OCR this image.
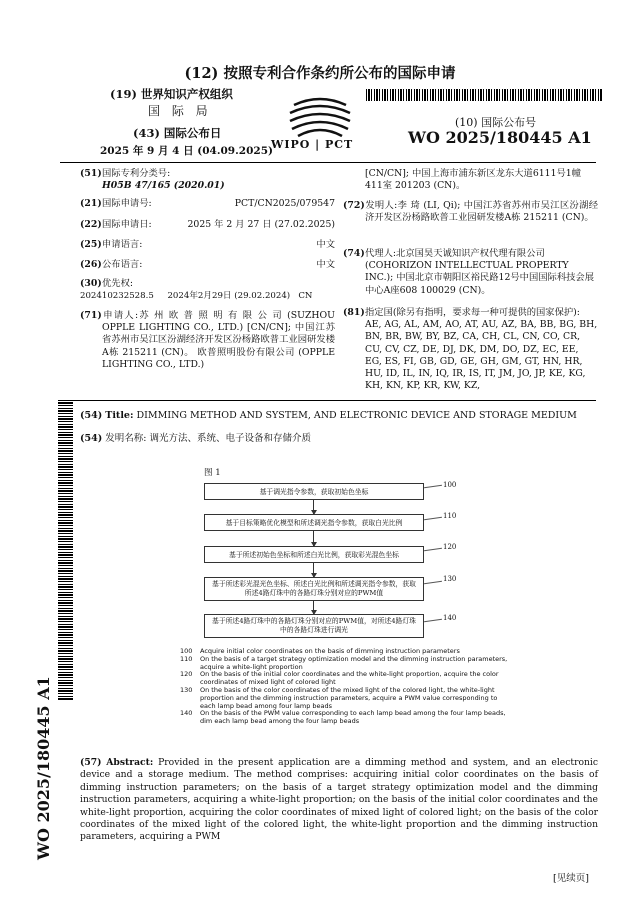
(12) 按照专利合作条约所公布的国际申请
(19) 世界知识产权组织
国 际 局
(43) 国际公布日
2025 年 9 月 4 日 (04.09.2025)
WIPO | PCT
(10) 国际公布号
WO 2025/180445 A1
(51)国际专利分类号:
H05B 47/165 (2020.01)
(21)国际申请号:	PCT/CN2025/079547
(22)国际申请日:	2025 年 2 月 27 日 (27.02.2025)
(25)申请语言:	中文
(26)公布语言:	中文
(30)优先权:
202410232528.5     2024年2月29日 (29.02.2024)   CN
(71)申请人:苏 州 欧 普 照 明 有 限 公 司 (SUZHOU OPPLE LIGHTING CO., LTD.) [CN/CN]; 中国江苏省苏州市吴江区汾湖经济开发区汾杨路欧普工业园研发楼A栋 215211 (CN)。 欧普照明股份有限公司 (OPPLE LIGHTING CO., LTD.)
[CN/CN]; 中国上海市浦东新区龙东大道6111号1幢411室 201203 (CN)。
(72)发明人:李 琦 (LI, Qi); 中国江苏省苏州市吴江区汾湖经济开发区汾杨路欧普工业园研发楼A栋 215211 (CN)。
(74)代理人:北京国昊天诚知识产权代理有限公司 (COHORIZON INTELLECTUAL PROPERTY INC.); 中国北京市朝阳区裕民路12号中国国际科技会展中心A座608 100029 (CN)。
(81)指定国(除另有指明，要求每一种可提供的国家保护): AE, AG, AL, AM, AO, AT, AU, AZ, BA, BB, BG, BH, BN, BR, BW, BY, BZ, CA, CH, CL, CN, CO, CR, CU, CV, CZ, DE, DJ, DK, DM, DO, DZ, EC, EE, EG, ES, FI, GB, GD, GE, GH, GM, GT, HN, HR, HU, ID, IL, IN, IQ, IR, IS, IT, JM, JO, JP, KE, KG, KH, KN, KP, KR, KW, KZ,
(54) Title: DIMMING METHOD AND SYSTEM, AND ELECTRONIC DEVICE AND STORAGE MEDIUM
(54) 发明名称: 调光方法、系统、电子设备和存储介质
图 1
基于调光指令参数，获取初始色坐标
100
基于目标策略优化模型和所述调光指令参数，获取白光比例
110
基于所述初始色坐标和所述白光比例，获取彩光混色坐标
120
基于所述彩光混光色坐标、所述白光比例和所述调光指令参数，获取所述4路灯珠中的各路灯珠分别对应的PWM值
130
基于所述4路灯珠中的各路灯珠分别对应的PWM值，对所述4路灯珠中的各路灯珠进行调光
140
100	Acquire initial color coordinates on the basis of dimming instruction parameters
110	On the basis of a target strategy optimization model and the dimming instruction parameters, acquire a white-light proportion
120	On the basis of the initial color coordinates and the white-light proportion, acquire the color coordinates of mixed light of colored light
130	On the basis of the color coordinates of the mixed light of the colored light, the white-light proportion and the dimming instruction parameters, acquire a PWM value corresponding to each lamp bead among four lamp beads
140	On the basis of the PWM value corresponding to each lamp bead among the four lamp beads, dim each lamp bead among the four lamp beads
WO 2025/180445 A1	(57) Abstract: Provided in the present application are a dimming method and system, and an electronic device and a storage medium. The method comprises: acquiring initial color coordinates on the basis of dimming instruction parameters; on the basis of a target strategy optimization model and the dimming instruction parameters, acquiring a white-light proportion; on the basis of the initial color coordinates and the white-light proportion, acquiring the color coordinates of mixed light of colored light; on the basis of the color coordinates of the mixed light of the colored light, the white-light proportion and the dimming instruction parameters, acquiring a PWM
[见续页]
